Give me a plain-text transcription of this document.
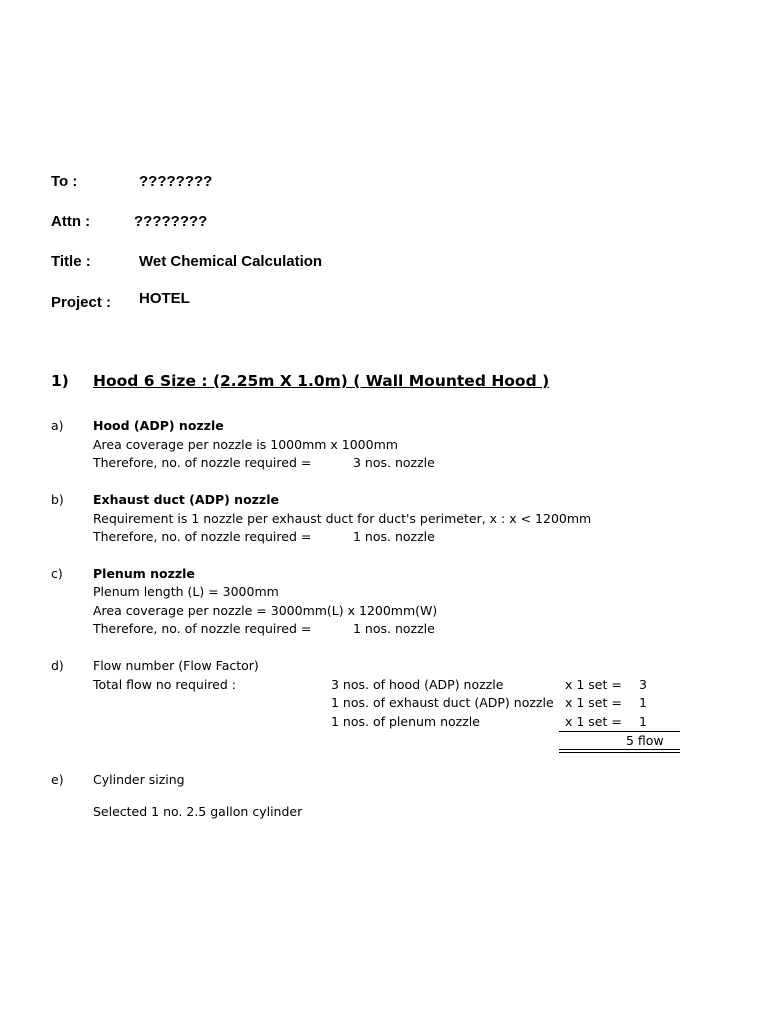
To :	????????
Attn :	????????
Title :	Wet Chemical Calculation
Project : HOTEL
1) Hood 6 Size : (2.25m X 1.0m) ( Wall Mounted Hood )
a) Hood (ADP) nozzle
Area coverage per nozzle is 1000mm x 1000mm
Therefore, no. of nozzle required =	3 nos. nozzle
b) Exhaust duct (ADP) nozzle
Requirement is 1 nozzle per exhaust duct for duct's perimeter, x : x < 1200mm
Therefore, no. of nozzle required =	1 nos. nozzle
c) Plenum nozzle
Plenum length (L) = 3000mm
Area coverage per nozzle = 3000mm(L) x 1200mm(W)
Therefore, no. of nozzle required =	1 nos. nozzle
d) Flow number (Flow Factor)
Total flow no required :	3 nos. of hood (ADP) nozzle	x 1 set = 3
1 nos. of exhaust duct (ADP) nozzle x 1 set = 1
1 nos. of plenum nozzle	x 1 set = 1
5 flow
e) Cylinder sizing
Selected 1 no. 2.5 gallon cylinder
